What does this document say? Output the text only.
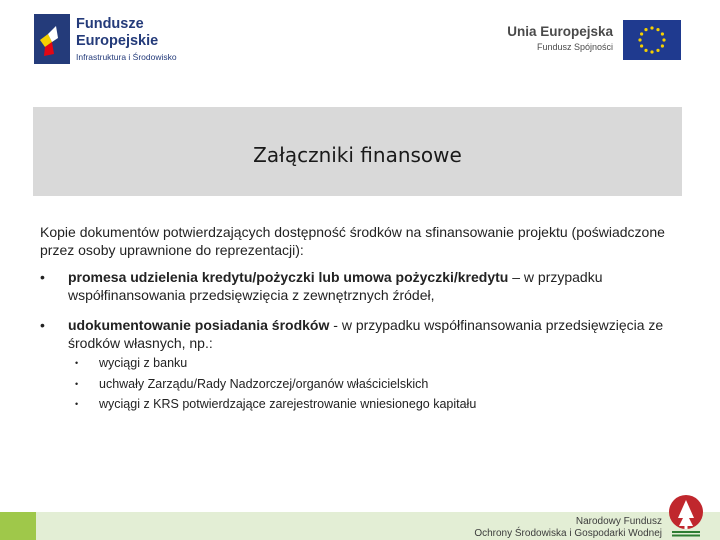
Fundusze
Europejskie
Infrastruktura i Środowisko
Unia Europejska
Fundusz Spójności
Załączniki finansowe
Kopie dokumentów potwierdzających dostępność środków na sfinansowanie projektu (poświadczone przez osoby uprawnione do reprezentacji):
• promesa udzielenia kredytu/pożyczki lub umowa pożyczki/kredytu – w przypadku współfinansowania przedsięwzięcia z zewnętrznych źródeł,
• udokumentowanie posiadania środków - w przypadku współfinansowania przedsięwzięcia ze środków własnych, np.:
• wyciągi z banku
• uchwały Zarządu/Rady Nadzorczej/organów właścicielskich
• wyciągi z KRS potwierdzające zarejestrowanie wniesionego kapitału
Narodowy Fundusz
Ochrony Środowiska i Gospodarki Wodnej
